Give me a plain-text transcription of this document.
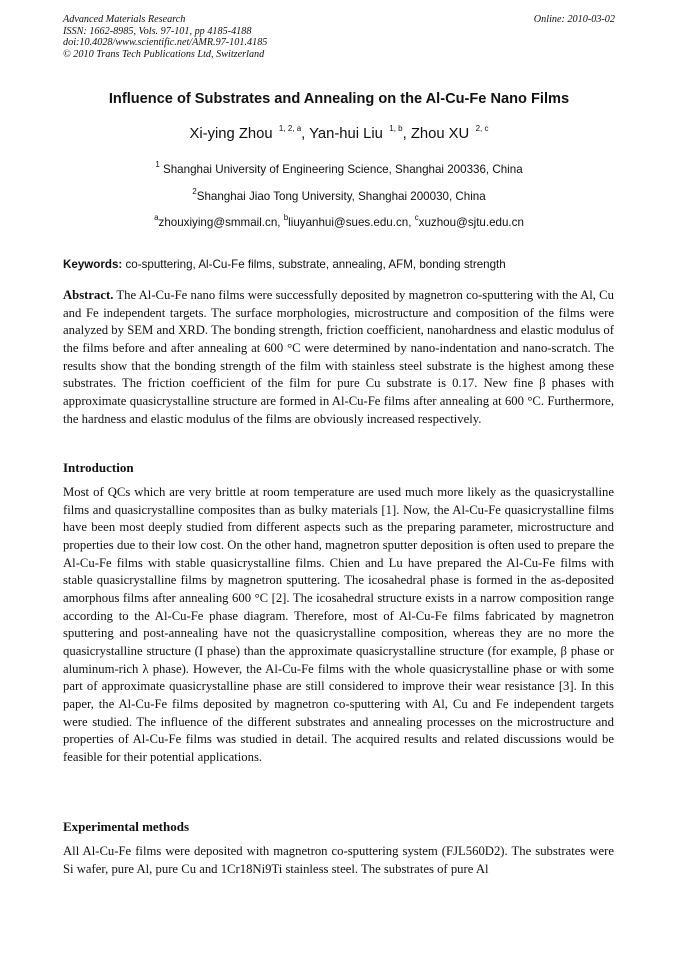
Advanced Materials Research
ISSN: 1662-8985, Vols. 97-101, pp 4185-4188
doi:10.4028/www.scientific.net/AMR.97-101.4185
© 2010 Trans Tech Publications Ltd, Switzerland
Online: 2010-03-02
Influence of Substrates and Annealing on the Al-Cu-Fe Nano Films
Xi-ying Zhou $^{1, 2, a}$, Yan-hui Liu $^{1, b}$, Zhou XU $^{2, c}$
$^1$ Shanghai University of Engineering Science, Shanghai 200336, China
$^2$Shanghai Jiao Tong University, Shanghai 200030, China
$^a$zhouxiying@smmail.cn, $^b$liuyanhui@sues.edu.cn, $^c$xuzhou@sjtu.edu.cn
Keywords: co-sputtering, Al-Cu-Fe films, substrate, annealing, AFM, bonding strength
Abstract. The Al-Cu-Fe nano films were successfully deposited by magnetron co-sputtering with the Al, Cu and Fe independent targets. The surface morphologies, microstructure and composition of the films were analyzed by SEM and XRD. The bonding strength, friction coefficient, nanohardness and elastic modulus of the films before and after annealing at 600 °C were determined by nano-indentation and nano-scratch. The results show that the bonding strength of the film with stainless steel substrate is the highest among these substrates. The friction coefficient of the film for pure Cu substrate is 0.17. New fine β phases with approximate quasicrystalline structure are formed in Al-Cu-Fe films after annealing at 600 °C. Furthermore, the hardness and elastic modulus of the films are obviously increased respectively.
Introduction
Most of QCs which are very brittle at room temperature are used much more likely as the quasicrystalline films and quasicrystalline composites than as bulky materials [1]. Now, the Al-Cu-Fe quasicrystalline films have been most deeply studied from different aspects such as the preparing parameter, microstructure and properties due to their low cost. On the other hand, magnetron sputter deposition is often used to prepare the Al-Cu-Fe films with stable quasicrystalline films. Chien and Lu have prepared the Al-Cu-Fe films with stable quasicrystalline films by magnetron sputtering. The icosahedral phase is formed in the as-deposited amorphous films after annealing 600 °C [2]. The icosahedral structure exists in a narrow composition range according to the Al-Cu-Fe phase diagram. Therefore, most of Al-Cu-Fe films fabricated by magnetron sputtering and post-annealing have not the quasicrystalline composition, whereas they are no more the quasicrystalline structure (I phase) than the approximate quasicrystalline structure (for example, β phase or aluminum-rich λ phase). However, the Al-Cu-Fe films with the whole quasicrystalline phase or with some part of approximate quasicrystalline phase are still considered to improve their wear resistance [3]. In this paper, the Al-Cu-Fe films deposited by magnetron co-sputtering with Al, Cu and Fe independent targets were studied. The influence of the different substrates and annealing processes on the microstructure and properties of Al-Cu-Fe films was studied in detail. The acquired results and related discussions would be feasible for their potential applications.
Experimental methods
All Al-Cu-Fe films were deposited with magnetron co-sputtering system (FJL560D2). The substrates were Si wafer, pure Al, pure Cu and 1Cr18Ni9Ti stainless steel. The substrates of pure Al
